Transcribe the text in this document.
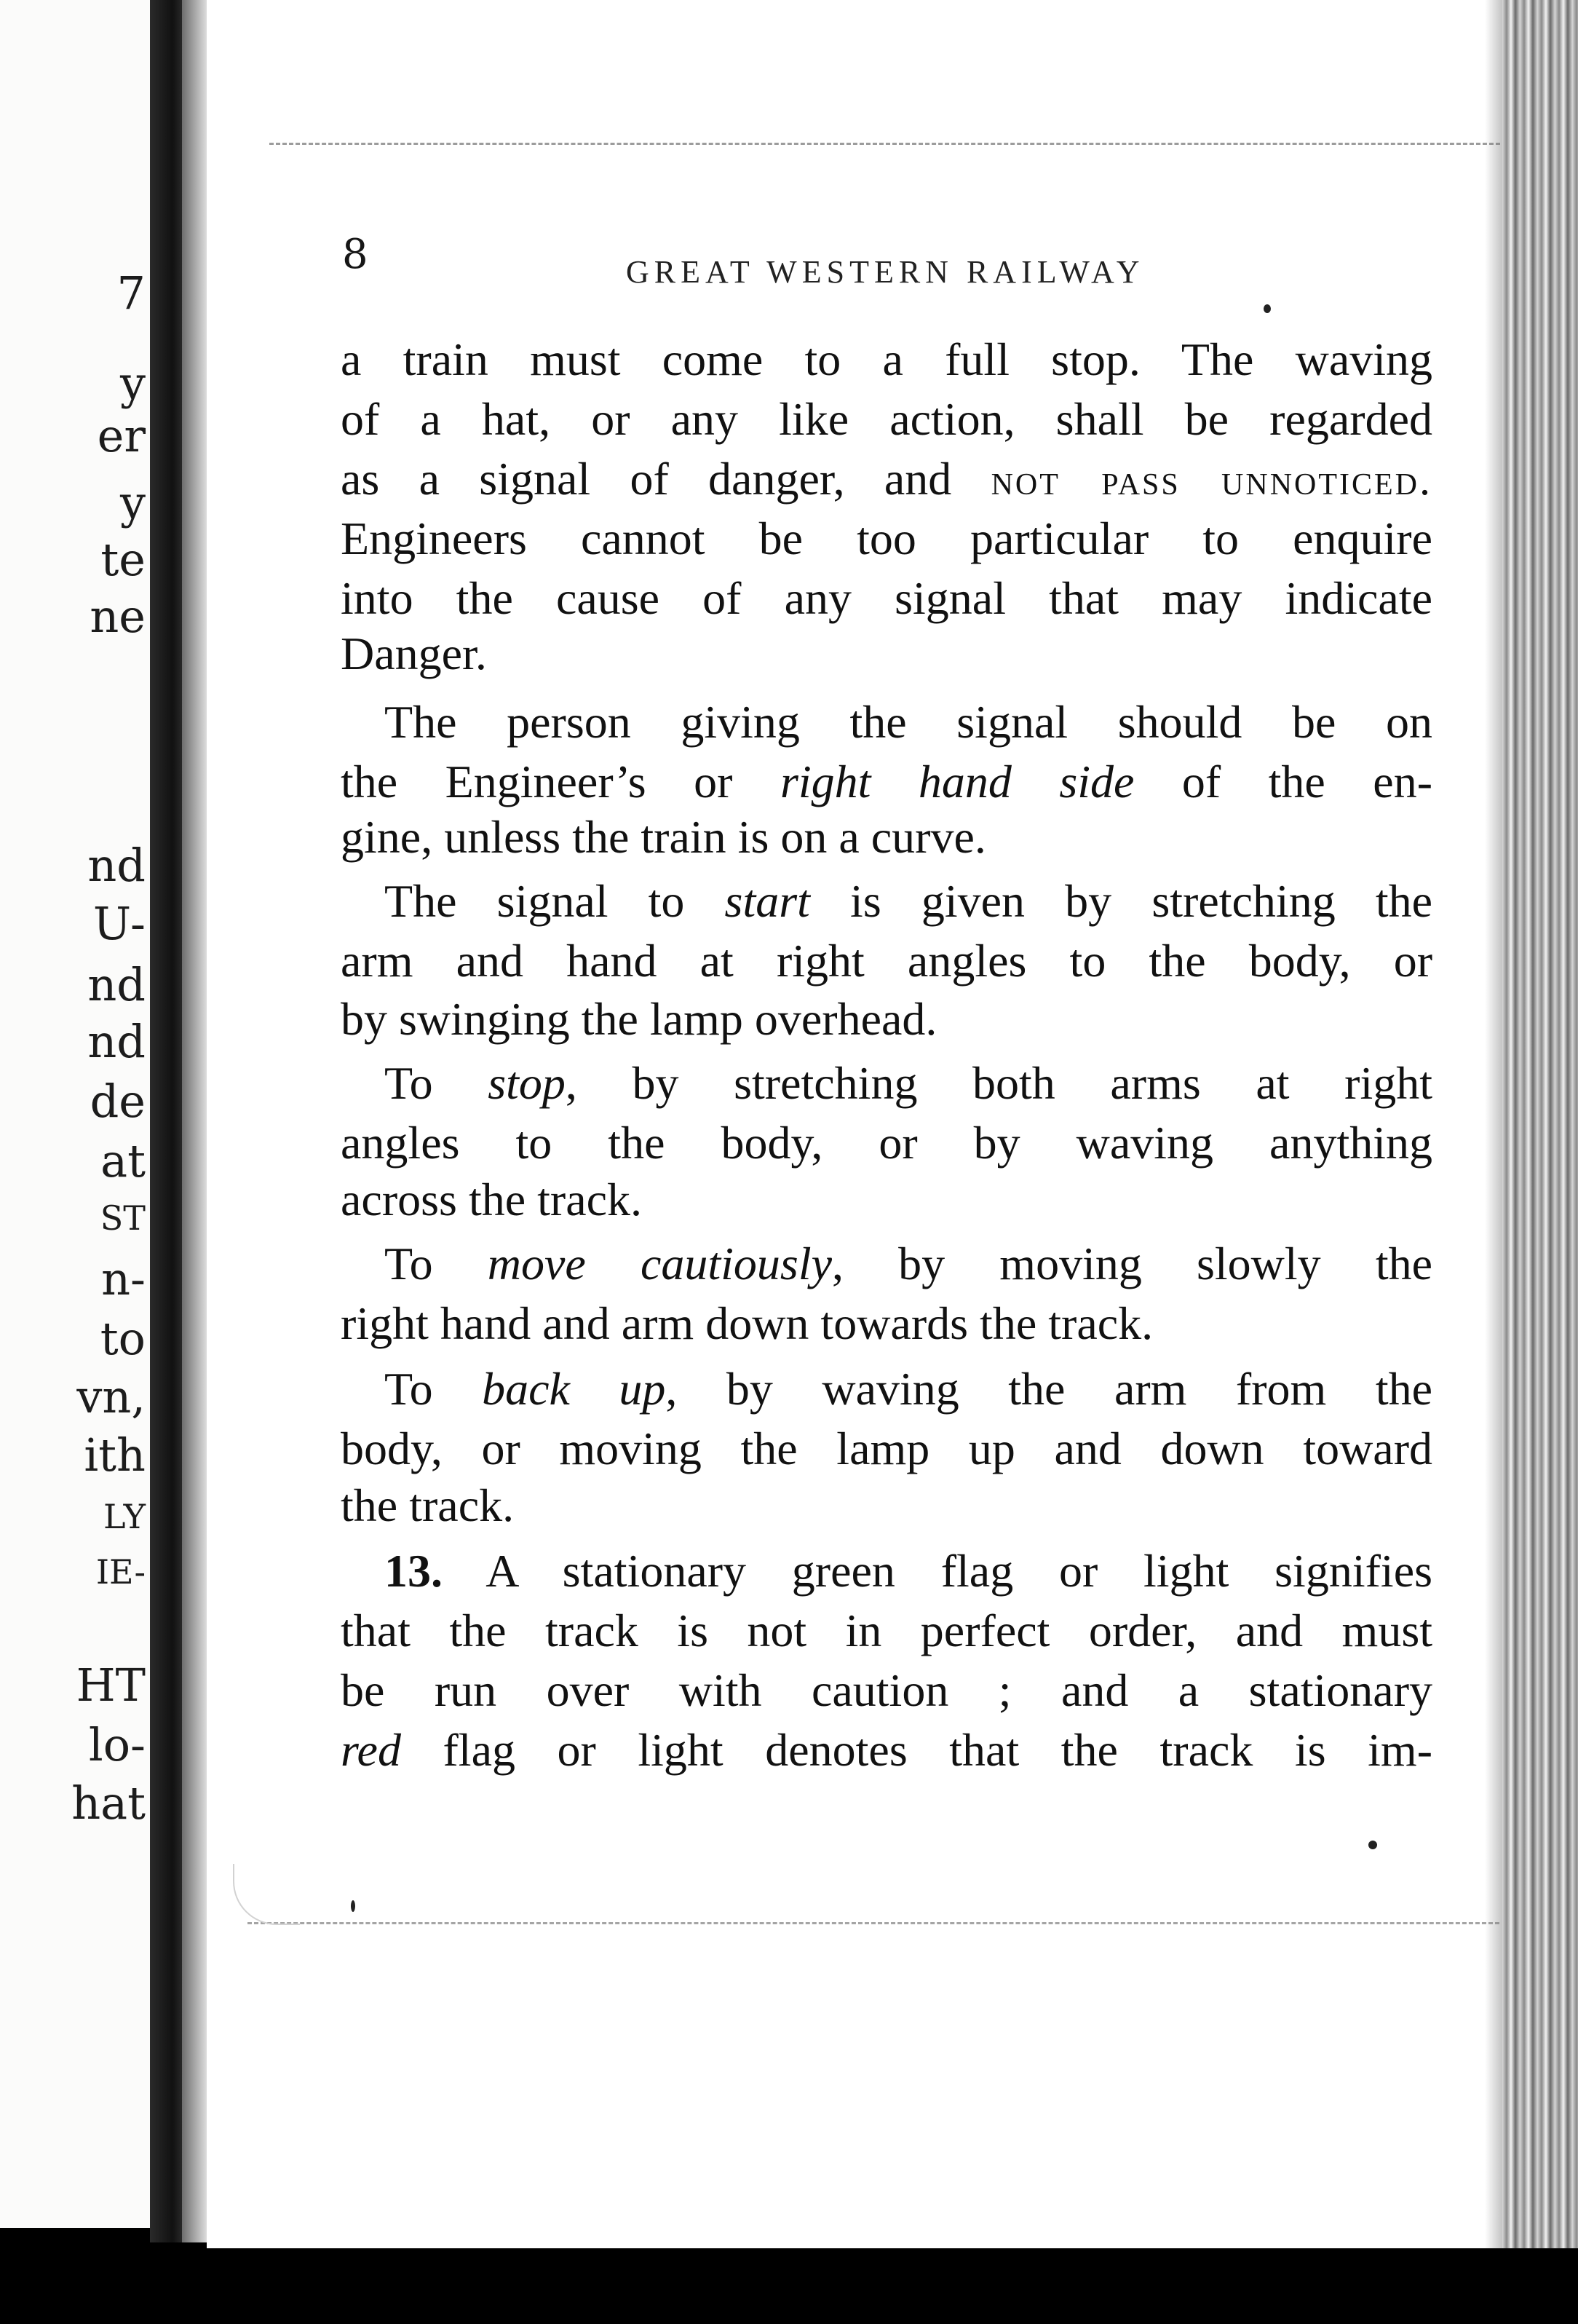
7
y
er
y
te
ne
nd
U-
nd
nd
de
at
ST
n-
to
vn,
ith
LY
IE-
HT
lo-
hat
8	GREAT WESTERN RAILWAY
a train must come to a full stop. The waving
of a hat, or any like action, shall be regarded
as a signal of danger, and not pass unnoticed.
Engineers cannot be too particular to enquire
into the cause of any signal that may indicate
Danger.
The person giving the signal should be on
the Engineer’s or right hand side of the en-
gine, unless the train is on a curve.
The signal to start is given by stretching the
arm and hand at right angles to the body, or
by swinging the lamp overhead.
To stop, by stretching both arms at right
angles to the body, or by waving anything
across the track.
To move cautiously, by moving slowly the
right hand and arm down towards the track.
To back up, by waving the arm from the
body, or moving the lamp up and down toward
the track.
13. A stationary green flag or light signifies
that the track is not in perfect order, and must
be run over with caution ; and a stationary
red flag or light denotes that the track is im-
